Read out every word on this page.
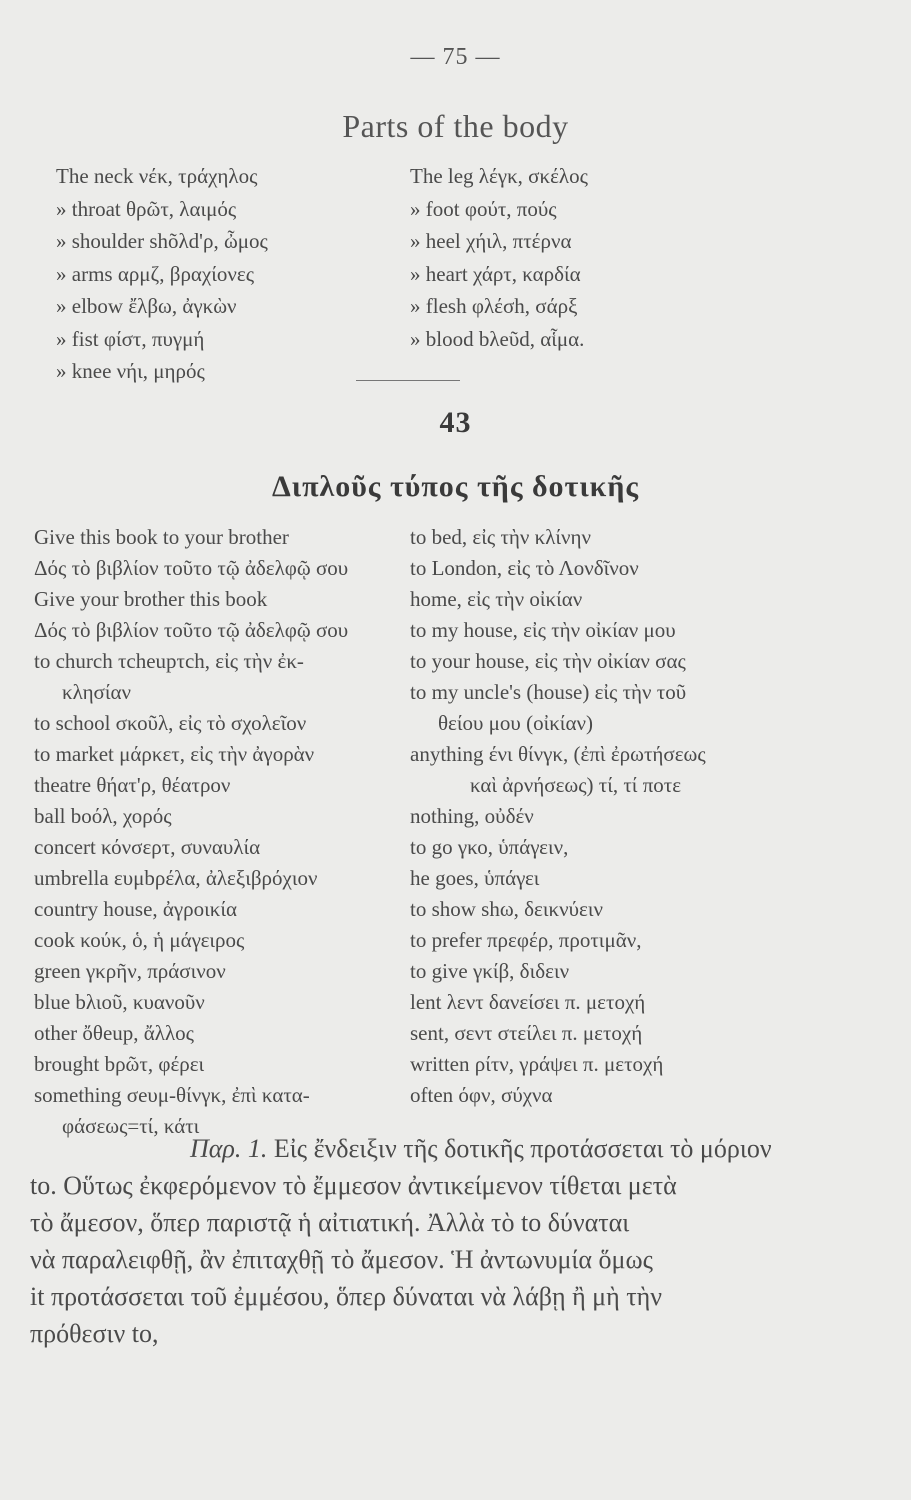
— 75 —
Parts of the body
The neck νέκ, τράχηλος
» throat θρῶτ, λαιμός
» shoulder shõλd'ρ, ὦμος
» arms αρμζ, βραχίονες
» elbow ἔλβω, ἀγκὼν
» fist φίστ, πυγμή
» knee νήι, μηρός
The leg λέγκ, σκέλος
» foot φούτ, πούς
» heel χήιλ, πτέρνα
» heart χάρτ, καρδία
» flesh φλέσh, σάρξ
» blood bλeῦd, αἷμα.
43
Διπλοῦς τύπος τῆς δοτικῆς
Give this book to your brother
Δός τὸ βιβλίον τοῦτο τῷ ἀδελφῷ σου
Give your brother this book
Δός τὸ βιβλίον τοῦτο τῷ ἀδελφῷ σου
to church τcheupτch, εἰς τὴν ἐκ-
κλησίαν
to school σκοῦλ, εἰς τὸ σχολεῖον
to market μάρκετ, εἰς τὴν ἀγορὰν
theatre θήατ'ρ, θέατρον
ball bοόλ, χορός
concert κόνσερτ, συναυλία
umbrella ευμbρέλα, ἀλεξιβρόχιον
country house, ἀγροικία
cook κούκ, ὁ, ἡ μάγειρος
green γκρῆν, πράσινον
blue bλιοῦ, κυανοῦν
other ὄθeup, ἄλλος
brought bρῶτ, φέρει
something σeυμ-θίνγκ, ἐπὶ κατα-
φάσεως=τί, κάτι
to bed, εἰς τὴν κλίνην
to London, εἰς τὸ Λονδῖνον
home, εἰς τὴν οἰκίαν
to my house, εἰς τὴν οἰκίαν μου
to your house, εἰς τὴν οἰκίαν σας
to my uncle's (house) εἰς τὴν τοῦ
θείου μου (οἰκίαν)
anything ένι θίνγκ, (ἐπὶ ἐρωτήσεως
καὶ ἀρνήσεως) τί, τί ποτε
nothing, οὐδέν
to go γκο, ὑπάγειν,
he goes, ὑπάγει
to show shω, δεικνύειν
to prefer πρεφέρ, προτιμᾶν,
to give γκίβ, διδειν
lent λεντ δανείσει π. μετοχή
sent, σεντ στείλει π. μετοχή
written ρίτν, γράψει π. μετοχή
often όφν, σύχνα
Παρ. 1. Εἰς ἔνδειξιν τῆς δοτικῆς προτάσσεται τὸ μόριον
to. Οὕτως ἐκφερόμενον τὸ ἔμμεσον ἀντικείμενον τίθεται μετὰ
τὸ ἄμεσον, ὅπερ παριστᾷ ἡ αἰτιατική. Ἀλλὰ τὸ to δύναται
νὰ παραλειφθῇ, ἂν ἐπιταχθῇ τὸ ἄμεσον. Ἡ ἀντωνυμία ὅμως
it προτάσσεται τοῦ ἐμμέσου, ὅπερ δύναται νὰ λάβῃ ἢ μὴ τὴν
πρόθεσιν to,
